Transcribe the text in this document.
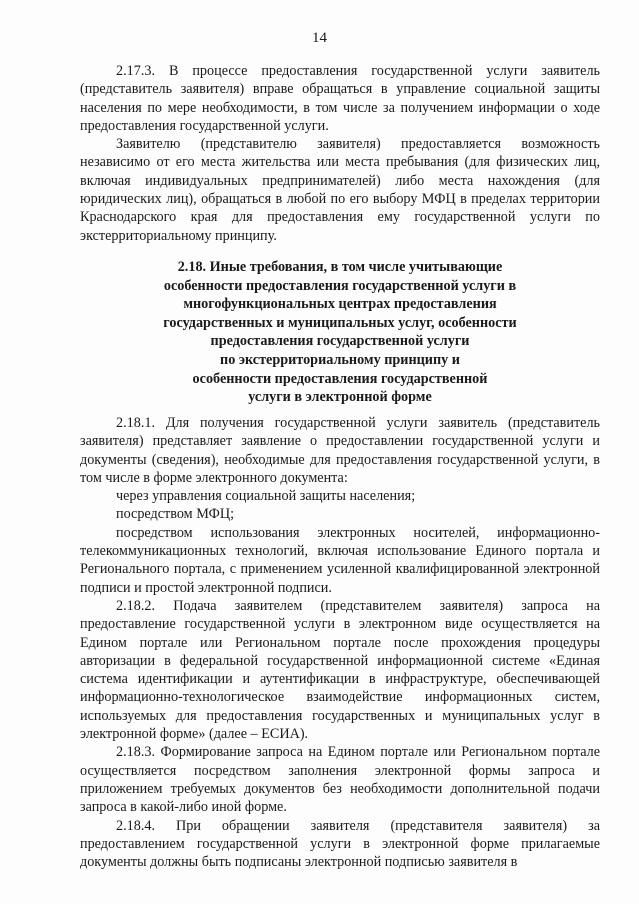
14

2.17.3. В процессе предоставления государственной услуги заявитель (представитель заявителя) вправе обращаться в управление социальной защиты населения по мере необходимости, в том числе за получением информации о ходе предоставления государственной услуги.

Заявителю (представителю заявителя) предоставляется возможность независимо от его места жительства или места пребывания (для физических лиц, включая индивидуальных предпринимателей) либо места нахождения (для юридических лиц), обращаться в любой по его выбору МФЦ в пределах территории Краснодарского края для предоставления ему государственной услуги по экстерриториальному принципу.

2.18. Иные требования, в том числе учитывающие
особенности предоставления государственной услуги в
многофункциональных центрах предоставления
государственных и муниципальных услуг, особенности
предоставления государственной услуги
по экстерриториальному принципу и
особенности предоставления государственной
услуги в электронной форме

2.18.1. Для получения государственной услуги заявитель (представитель заявителя) представляет заявление о предоставлении государственной услуги и документы (сведения), необходимые для предоставления государственной услуги, в том числе в форме электронного документа:

через управления социальной защиты населения;

посредством МФЦ;

посредством использования электронных носителей, информационно-телекоммуникационных технологий, включая использование Единого портала и Регионального портала, с применением усиленной квалифицированной электронной подписи и простой электронной подписи.

2.18.2. Подача заявителем (представителем заявителя) запроса на предоставление государственной услуги в электронном виде осуществляется на Едином портале или Региональном портале после прохождения процедуры авторизации в федеральной государственной информационной системе «Единая система идентификации и аутентификации в инфраструктуре, обеспечивающей информационно-технологическое взаимодействие информационных систем, используемых для предоставления государственных и муниципальных услуг в электронной форме» (далее – ЕСИА).

2.18.3. Формирование запроса на Едином портале или Региональном портале осуществляется посредством заполнения электронной формы запроса и приложением требуемых документов без необходимости дополнительной подачи запроса в какой-либо иной форме.

2.18.4. При обращении заявителя (представителя заявителя) за предоставлением государственной услуги в электронной форме прилагаемые документы должны быть подписаны электронной подписью заявителя в
